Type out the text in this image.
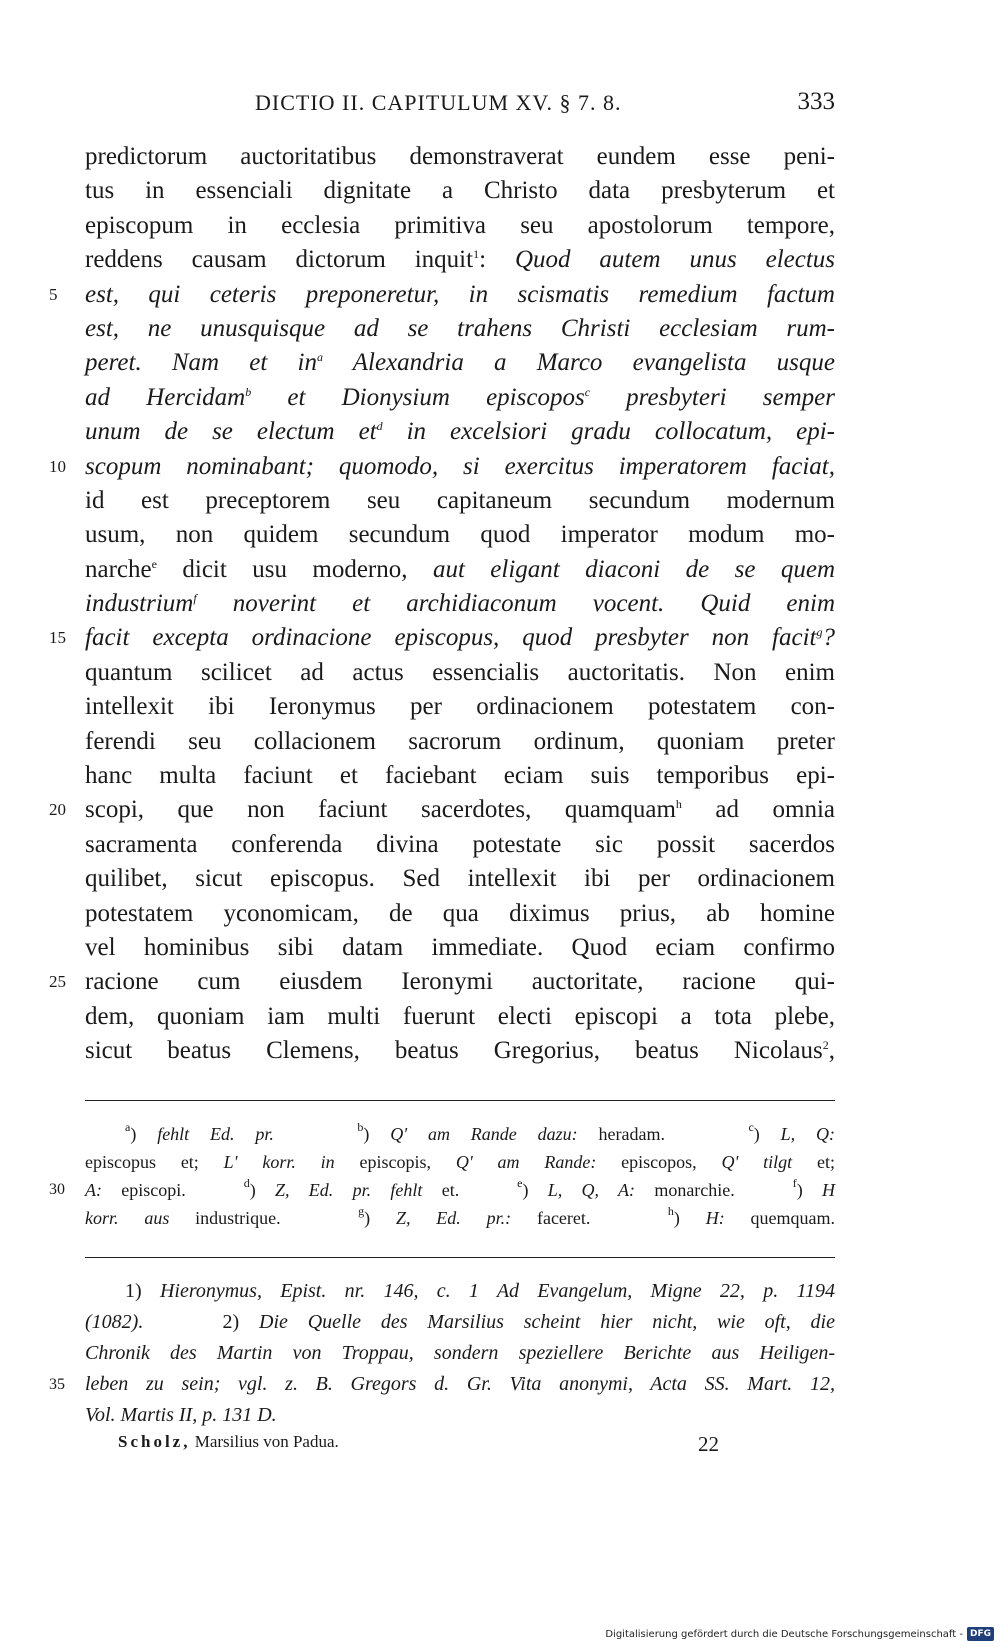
DICTIO II. CAPITULUM XV. § 7. 8.	333
predictorum auctoritatibus demonstraverat eundem esse peni-
tus in essenciali dignitate a Christo data presbyterum et
episcopum in ecclesia primitiva seu apostolorum tempore,
reddens causam dictorum inquit$^1$: Quod autem unus electus
5 est, qui ceteris preponeretur, in scismatis remedium factum
est, ne unusquisque ad se trahens Christi ecclesiam rum-
peret. Nam et $in^a$ Alexandria a Marco evangelista usque
ad Hercidam$^b$ et Dionysium episcopos$^c$ presbyteri semper
unum de se electum $et^d$ in excelsiori gradu collocatum, epi-
10 scopum nominabant; quomodo, si exercitus imperatorem faciat,
id est preceptorem seu capitaneum secundum modernum
usum, non quidem secundum quod imperator modum mo-
narche$^e$ dicit usu moderno, aut eligant diaconi de se quem
industrium$^f$ noverint et archidiaconum vocent. Quid enim
15 facit excepta ordinacione episcopus, quod presbyter non facit$^g$?
quantum scilicet ad actus essencialis auctoritatis. Non enim
intellexit ibi Ieronymus per ordinacionem potestatem con-
ferendi seu collacionem sacrorum ordinum, quoniam preter
hanc multa faciunt et faciebant eciam suis temporibus epi-
20 scopi, que non faciunt sacerdotes, quamquam$^h$ ad omnia
sacramenta conferenda divina potestate sic possit sacerdos
quilibet, sicut episcopus. Sed intellexit ibi per ordinacionem
potestatem yconomicam, de qua diximus prius, ab homine
vel hominibus sibi datam immediate. Quod eciam confirmo
25 racione cum eiusdem Ieronymi auctoritate, racione qui-
dem, quoniam iam multi fuerunt electi episcopi a tota plebe,
sicut beatus Clemens, beatus Gregorius, beatus Nicolaus$^2$,
$^a$) fehlt Ed. pr.	$^b$) Q' am Rande dazu: heradam.    $^c$) L, Q:
episcopus et; L' korr. in episcopis, Q' am Rande: episcopos, Q' tilgt et;
30 A: episcopi.   $^d$) Z, Ed. pr. fehlt et.   $^e$) L, Q, A: monarchie.   $^f$) H
korr. aus industrique.   $^g$) Z, Ed. pr.: faceret.   $^h$) H: quemquam.
1) Hieronymus, Epist. nr. 146, c. 1 Ad Evangelum, Migne 22, p. 1194
(1082).    2) Die Quelle des Marsilius scheint hier nicht, wie oft, die
Chronik des Martin von Troppau, sondern speziellere Berichte aus Heiligen-
35 leben zu sein; vgl. z. B. Gregors d. Gr. Vita anonymi, Acta SS. Mart. 12,
Vol. Martis II, p. 131 D.
Scholz, Marsilius von Padua.	22
Digitalisierung gefördert durch die Deutsche Forschungsgemeinschaft - DFG
